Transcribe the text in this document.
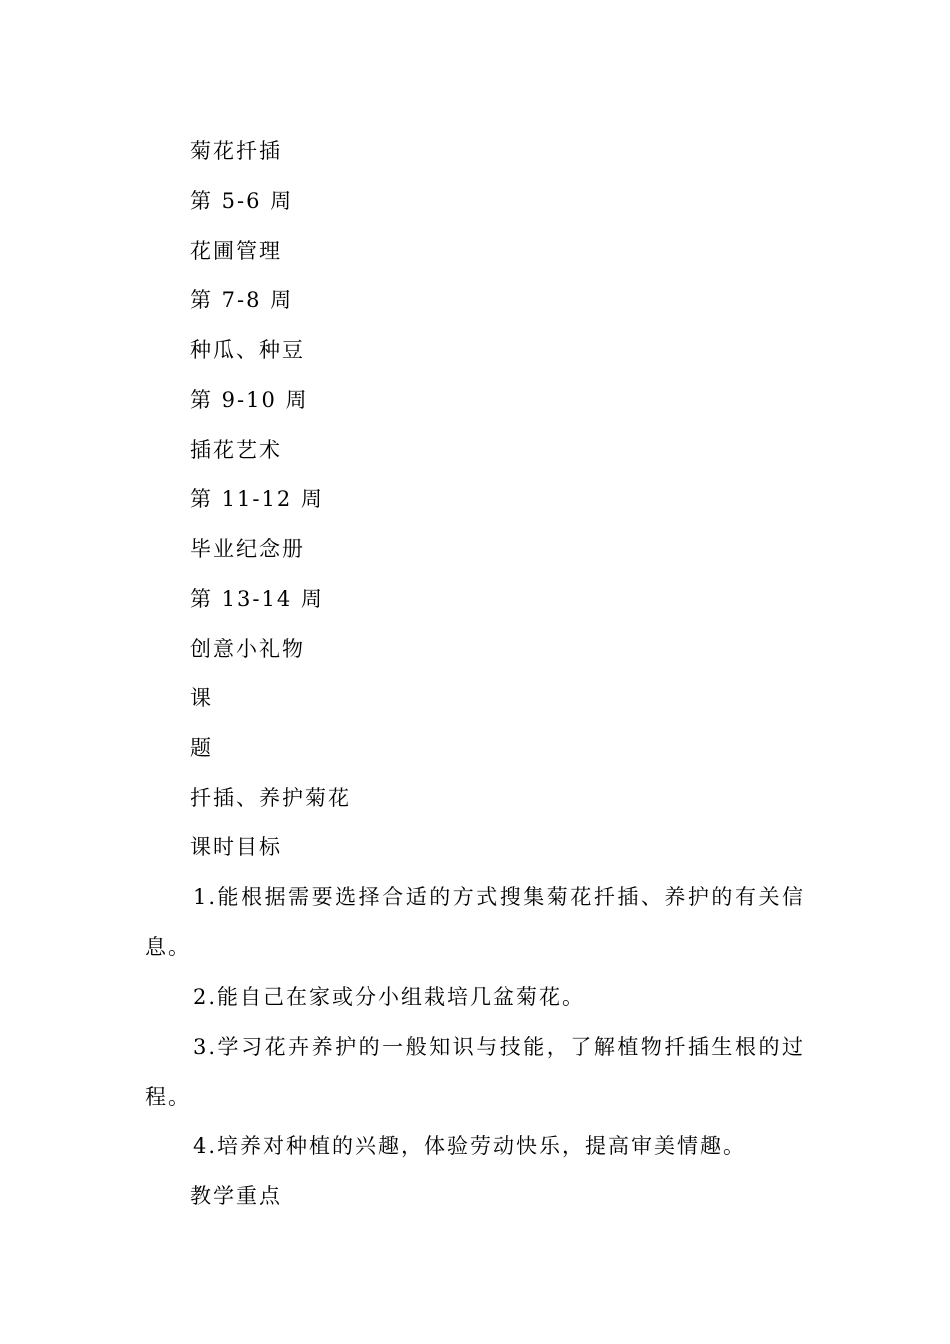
菊花扦插
第 5-6 周
花圃管理
第 7-8 周
种瓜、种豆
第 9-10 周
插花艺术
第 11-12 周
毕业纪念册
第 13-14 周
创意小礼物
课
题
扦插、养护菊花
课时目标
1.能根据需要选择合适的方式搜集菊花扦插、养护的有关信息。
2.能自己在家或分小组栽培几盆菊花。
3.学习花卉养护的一般知识与技能，了解植物扦插生根的过程。
4.培养对种植的兴趣，体验劳动快乐，提高审美情趣。
教学重点
